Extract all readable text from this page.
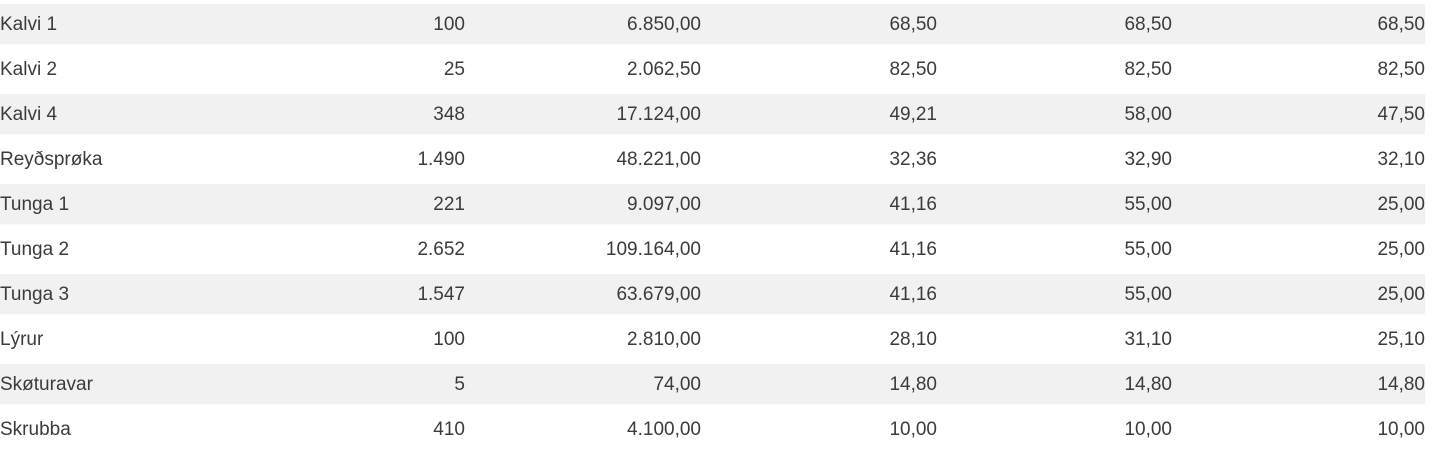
Kalvi 1	100	6.850,00	68,50	68,50	68,50
Kalvi 2	25	2.062,50	82,50	82,50	82,50
Kalvi 4	348	17.124,00	49,21	58,00	47,50
Reyðsprøka	1.490	48.221,00	32,36	32,90	32,10
Tunga 1	221	9.097,00	41,16	55,00	25,00
Tunga 2	2.652	109.164,00	41,16	55,00	25,00
Tunga 3	1.547	63.679,00	41,16	55,00	25,00
Lýrur	100	2.810,00	28,10	31,10	25,10
Skøturavar	5	74,00	14,80	14,80	14,80
Skrubba	410	4.100,00	10,00	10,00	10,00
